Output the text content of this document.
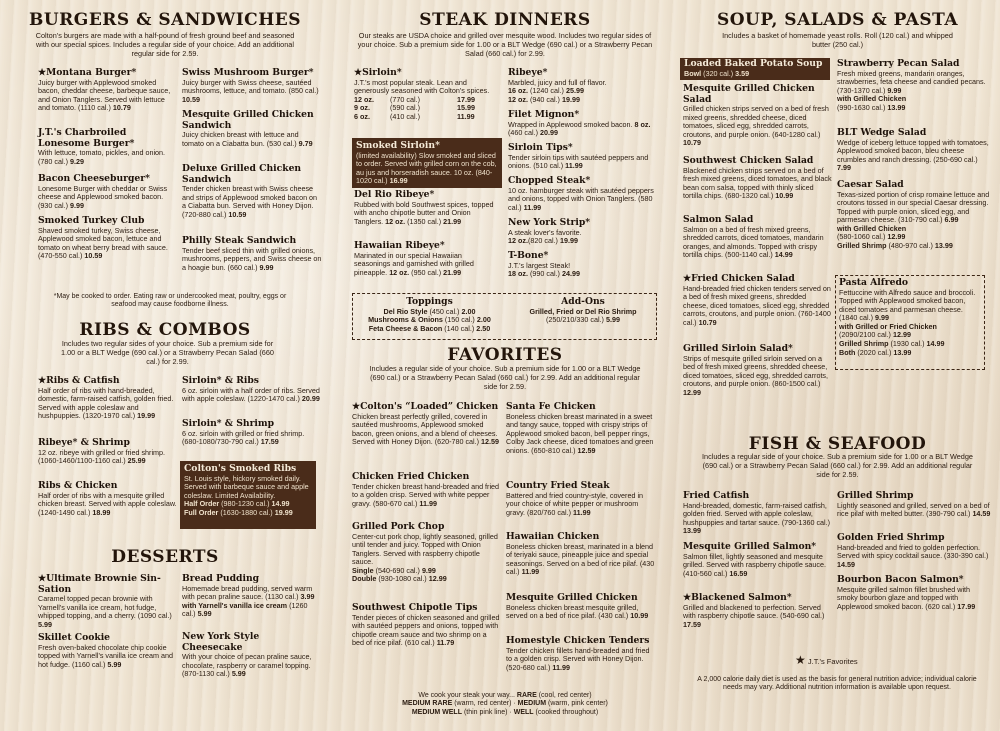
BURGERS & SANDWICHES
Colton's burgers are made with a half-pound of fresh ground beef and seasoned with our special spices. Includes a regular side of your choice. Add an additional regular side for 2.59.
★Montana Burger*
Juicy burger with Applewood smoked bacon, cheddar cheese, barbeque sauce, and Onion Tanglers. Served with lettuce and tomato. (1110 cal.) 10.79
J.T.'s Charbroiled Lonesome Burger*
With lettuce, tomato, pickles, and onion. (780 cal.) 9.29
Bacon Cheeseburger*
Lonesome Burger with cheddar or Swiss cheese and Applewood smoked bacon. (930 cal.) 9.99
Smoked Turkey Club
Shaved smoked turkey, Swiss cheese, Applewood smoked bacon, lettuce and tomato on wheat berry bread with sauce. (470-550 cal.) 10.59
Swiss Mushroom Burger*
Juicy burger with Swiss cheese, sautéed mushrooms, lettuce, and tomato. (850 cal.) 10.59
Mesquite Grilled Chicken Sandwich
Juicy chicken breast with lettuce and tomato on a Ciabatta bun. (530 cal.) 9.79
Deluxe Grilled Chicken Sandwich
Tender chicken breast with Swiss cheese and strips of Applewood smoked bacon on a Ciabatta bun. Served with Honey Dijon. (720-880 cal.) 10.59
Philly Steak Sandwich
Tender beef sliced thin with grilled onions, mushrooms, peppers, and Swiss cheese on a hoagie bun. (660 cal.) 9.99
*May be cooked to order. Eating raw or undercooked meat, poultry, eggs or seafood may cause foodborne illness.
RIBS & COMBOS
Includes two regular sides of your choice. Sub a premium side for 1.00 or a BLT Wedge (690 cal.) or a Strawberry Pecan Salad (660 cal.) for 2.99.
★Ribs & Catfish
Half order of ribs with hand-breaded, domestic, farm-raised catfish, golden fried. Served with apple coleslaw and hushpuppies. (1320-1970 cal.) 19.99
Ribeye* & Shrimp
12 oz. ribeye with grilled or fried shrimp. (1060-1460/1100-1160 cal.) 25.99
Ribs & Chicken
Half order of ribs with a mesquite grilled chicken breast. Served with apple coleslaw. (1240-1490 cal.) 18.99
Sirloin* & Ribs
6 oz. sirloin with a half order of ribs. Served with apple coleslaw. (1220-1470 cal.) 20.99
Sirloin* & Shrimp
6 oz. sirloin with grilled or fried shrimp. (680-1080/730-790 cal.) 17.59
Colton's Smoked Ribs
St. Louis style, hickory smoked daily. Served with barbeque sauce and apple coleslaw. Limited Availability.
Half Order (980-1230 cal.) 14.99
Full Order (1630-1880 cal.) 19.99
DESSERTS
★Ultimate Brownie Sin-Sation
Caramel topped pecan brownie with Yarnell's vanilla ice cream, hot fudge, whipped topping, and a cherry. (1090 cal.) 5.99
Skillet Cookie
Fresh oven-baked chocolate chip cookie topped with Yarnell's vanilla ice cream and hot fudge. (1160 cal.) 5.99
Bread Pudding
Homemade bread pudding, served warm with pecan praline sauce. (1130 cal.) 3.99
with Yarnell's vanilla ice cream (1260 cal.) 5.99
New York Style Cheesecake
With your choice of pecan praline sauce, chocolate, raspberry or caramel topping. (870-1130 cal.) 5.99
STEAK DINNERS
Our steaks are USDA choice and grilled over mesquite wood. Includes two regular sides of your choice. Sub a premium side for 1.00 or a BLT Wedge (690 cal.) or a Strawberry Pecan Salad (660 cal.) for 2.99.
★Sirloin*
J.T.'s most popular steak. Lean and generously seasoned with Colton's spices.
12 oz.	(770 cal.)	17.99
9 oz.	(590 cal.)	15.99
6 oz.	(410 cal.)	11.99
Smoked Sirloin*
(limited availability) Slow smoked and sliced to order. Served with grilled corn on the cob, au jus and horseradish sauce. 10 oz. (840-1020 cal.) 16.99
Del Rio Ribeye*
Rubbed with bold Southwest spices, topped with ancho chipotle butter and Onion Tanglers. 12 oz. (1350 cal.) 21.99
Hawaiian Ribeye*
Marinated in our special Hawaiian seasonings and garnished with grilled pineapple. 12 oz. (950 cal.) 21.99
Ribeye*
Marbled, juicy and full of flavor.
16 oz. (1240 cal.) 25.99
12 oz. (940 cal.) 19.99
Filet Mignon*
Wrapped in Applewood smoked bacon. 8 oz. (460 cal.) 20.99
Sirloin Tips*
Tender sirloin tips with sautéed peppers and onions. (510 cal.) 11.99
Chopped Steak*
10 oz. hamburger steak with sautéed peppers and onions, topped with Onion Tanglers. (580 cal.) 11.99
New York Strip*
A steak lover's favorite.
12 oz.(820 cal.) 19.99
T-Bone*
J.T.'s largest Steak!
18 oz. (990 cal.) 24.99
Toppings
Del Rio Style (450 cal.) 2.00
Mushrooms & Onions (150 cal.) 2.00
Feta Cheese & Bacon (140 cal.) 2.50
Add-Ons
Grilled, Fried or Del Rio Shrimp
(250/210/330 cal.) 5.99
FAVORITES
Includes a regular side of your choice. Sub a premium side for 1.00 or a BLT Wedge (690 cal.) or a Strawberry Pecan Salad (660 cal.) for 2.99. Add an additional regular side for 2.59.
★Colton's “Loaded” Chicken
Chicken breast perfectly grilled, covered in sautéed mushrooms, Applewood smoked bacon, green onions, and a blend of cheeses. Served with Honey Dijon. (620-780 cal.) 12.59
Chicken Fried Chicken
Tender chicken breast hand-breaded and fried to a golden crisp. Served with white pepper gravy. (580-670 cal.) 11.99
Grilled Pork Chop
Center-cut pork chop, lightly seasoned, grilled until tender and juicy. Topped with Onion Tanglers. Served with raspberry chipotle sauce.
Single (540-690 cal.) 9.99
Double (930-1080 cal.) 12.99
Southwest Chipotle Tips
Tender pieces of chicken seasoned and grilled with sautéed peppers and onions, topped with chipotle cream sauce and two shrimp on a bed of rice pilaf. (610 cal.) 11.79
Santa Fe Chicken
Boneless chicken breast marinated in a sweet and tangy sauce, topped with crispy strips of Applewood smoked bacon, bell pepper rings, Colby Jack cheese, diced tomatoes and green onions. (650-810 cal.) 12.59
Country Fried Steak
Battered and fried country-style, covered in your choice of white pepper or mushroom gravy. (820/760 cal.) 11.99
Hawaiian Chicken
Boneless chicken breast, marinated in a blend of teriyaki sauce, pineapple juice and special seasonings. Served on a bed of rice pilaf. (430 cal.) 11.99
Mesquite Grilled Chicken
Boneless chicken breast mesquite grilled, served on a bed of rice pilaf. (430 cal.) 10.99
Homestyle Chicken Tenders
Tender chicken fillets hand-breaded and fried to a golden crisp. Served with Honey Dijon. (520-680 cal.) 11.99
We cook your steak your way... RARE (cool, red center)
MEDIUM RARE (warm, red center) · MEDIUM (warm, pink center)
MEDIUM WELL (thin pink line) · WELL (cooked throughout)
SOUP, SALADS & PASTA
Includes a basket of homemade yeast rolls. Roll (120 cal.) and whipped butter (250 cal.)
Loaded Baked Potato Soup
Bowl (320 cal.) 3.59
Mesquite Grilled Chicken Salad
Grilled chicken strips served on a bed of fresh mixed greens, shredded cheese, diced tomatoes, sliced egg, shredded carrots, croutons, and purple onion. (640-1280 cal.) 10.79
Southwest Chicken Salad
Blackened chicken strips served on a bed of fresh mixed greens, diced tomatoes, and black bean corn salsa, topped with thinly sliced tortilla chips. (680-1320 cal.) 10.99
Salmon Salad
Salmon on a bed of fresh mixed greens, shredded carrots, diced tomatoes, mandarin oranges, and almonds. Topped with crispy tortilla chips. (500-1140 cal.) 14.99
★Fried Chicken Salad
Hand-breaded fried chicken tenders served on a bed of fresh mixed greens, shredded cheese, diced tomatoes, sliced egg, shredded carrots, croutons, and purple onion. (760-1400 cal.) 10.79
Grilled Sirloin Salad*
Strips of mesquite grilled sirloin served on a bed of fresh mixed greens, shredded cheese, diced tomatoes, sliced egg, shredded carrots, croutons, and purple onion. (860-1500 cal.) 12.99
Strawberry Pecan Salad
Fresh mixed greens, mandarin oranges, strawberries, feta cheese and candied pecans. (730-1370 cal.) 9.99
with Grilled Chicken
(990-1630 cal.) 13.99
BLT Wedge Salad
Wedge of iceberg lettuce topped with tomatoes, Applewood smoked bacon, bleu cheese crumbles and ranch dressing. (250-690 cal.) 7.99
Caesar Salad
Texas-sized portion of crisp romaine lettuce and croutons tossed in our special Caesar dressing. Topped with purple onion, sliced egg, and parmesan cheese. (310-790 cal.) 6.99
with Grilled Chicken
(580-1060 cal.) 12.99
Grilled Shrimp (480-970 cal.) 13.99
Pasta Alfredo
Fettuccine with Alfredo sauce and broccoli. Topped with Applewood smoked bacon, diced tomatoes and parmesan cheese.
(1840 cal.) 9.99
with Grilled or Fried Chicken
(2090/2100 cal.) 12.99
Grilled Shrimp (1930 cal.) 14.99
Both (2020 cal.) 13.99
FISH & SEAFOOD
Includes a regular side of your choice. Sub a premium side for 1.00 or a BLT Wedge (690 cal.) or a Strawberry Pecan Salad (660 cal.) for 2.99. Add an additional regular side for 2.59.
Fried Catfish
Hand-breaded, domestic, farm-raised catfish, golden fried. Served with apple coleslaw, hushpuppies and tartar sauce. (790-1360 cal.) 13.99
Mesquite Grilled Salmon*
Salmon fillet, lightly seasoned and mesquite grilled. Served with raspberry chipotle sauce. (410-560 cal.) 16.59
★Blackened Salmon*
Grilled and blackened to perfection. Served with raspberry chipotle sauce. (540-690 cal.) 17.59
Grilled Shrimp
Lightly seasoned and grilled, served on a bed of rice pilaf with melted butter. (390-790 cal.) 14.59
Golden Fried Shrimp
Hand-breaded and fried to golden perfection. Served with spicy cocktail sauce. (330-390 cal.) 14.59
Bourbon Bacon Salmon*
Mesquite grilled salmon fillet brushed with smoky bourbon glaze and topped with Applewood smoked bacon. (620 cal.) 17.99
★ J.T.'s Favorites
A 2,000 calorie daily diet is used as the basis for general nutrition advice; individual calorie needs may vary. Additional nutrition information is available upon request.
